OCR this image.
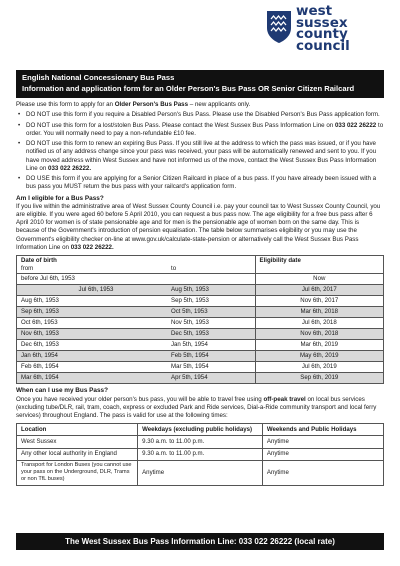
west
sussex
county
council
English National Concessionary Bus Pass
Information and application form for an Older Person's Bus Pass OR Senior Citizen Railcard

Please use this form to apply for an Older Person's Bus Pass – new applicants only.

• DO NOT use this form if you require a Disabled Person's Bus Pass. Please use the Disabled Person's Bus Pass application form.
• DO NOT use this form for a lost/stolen Bus Pass. Please contact the West Sussex Bus Pass Information Line on 033 022 26222 to order. You will normally need to pay a non-refundable £10 fee.
• DO NOT use this form to renew an expiring Bus Pass. If you still live at the address to which the pass was issued, or if you have notified us of any address change since your pass was received, your pass will be automatically renewed and sent to you. If you have moved address within West Sussex and have not informed us of the move, contact the West Sussex Bus Pass Information Line on 033 022 26222.
• DO USE this form if you are applying for a Senior Citizen Railcard in place of a bus pass. If you have already been issued with a bus pass you MUST return the bus pass with your railcard's application form.
Am I eligible for a Bus Pass?

If you live within the administrative area of West Sussex County Council i.e. pay your council tax to West Sussex County Council, you are eligible. If you were aged 60 before 5 April 2010, you can request a bus pass now. The age eligibility for a free bus pass after 6 April 2010 for women is of state pensionable age and for men is the pensionable age of women born on the same day. This is because of the Government's introduction of pension equalisation. The table below summarises eligibility or you may use the Government's eligibility checker on-line at www.gov.uk/calculate-state-pension or alternatively call the West Sussex Bus Pass Information Line on 033 022 26222.

Date of birth
from to	Eligibility date
before Jul 6th, 1953	Now
Jul 6th, 1953 Aug 5th, 1953	Jul 6th, 2017
Aug 6th, 1953 Sep 5th, 1953	Nov 6th, 2017
Sep 6th, 1953 Oct 5th, 1953	Mar 6th, 2018
Oct 6th, 1953 Nov 5th, 1953	Jul 6th, 2018
Nov 6th, 1953 Dec 5th, 1953	Nov 6th, 2018
Dec 6th, 1953 Jan 5th, 1954	Mar 6th, 2019
Jan 6th, 1954 Feb 5th, 1954	May 6th, 2019
Feb 6th, 1954 Mar 5th, 1954	Jul 6th, 2019
Mar 6th, 1954 Apr 5th, 1954	Sep 6th, 2019
When can I use my Bus Pass?

Once you have received your older person's bus pass, you will be able to travel free using off-peak travel on local bus services (excluding tube/DLR, rail, tram, coach, express or excluded Park and Ride services, Dial-a-Ride community transport and local ferry services) throughout England. The pass is valid for use at the following times:

Location	Weekdays (excluding public holidays)	Weekends and Public Holidays
West Sussex	9.30 a.m. to 11.00 p.m.	Anytime
Any other local authority in England	9.30 a.m. to 11.00 p.m.	Anytime
Transport for London Buses (you cannot use your pass on the Underground, DLR, Trams or non TfL buses)	Anytime	Anytime
The West Sussex Bus Pass Information Line: 033 022 26222 (local rate)
